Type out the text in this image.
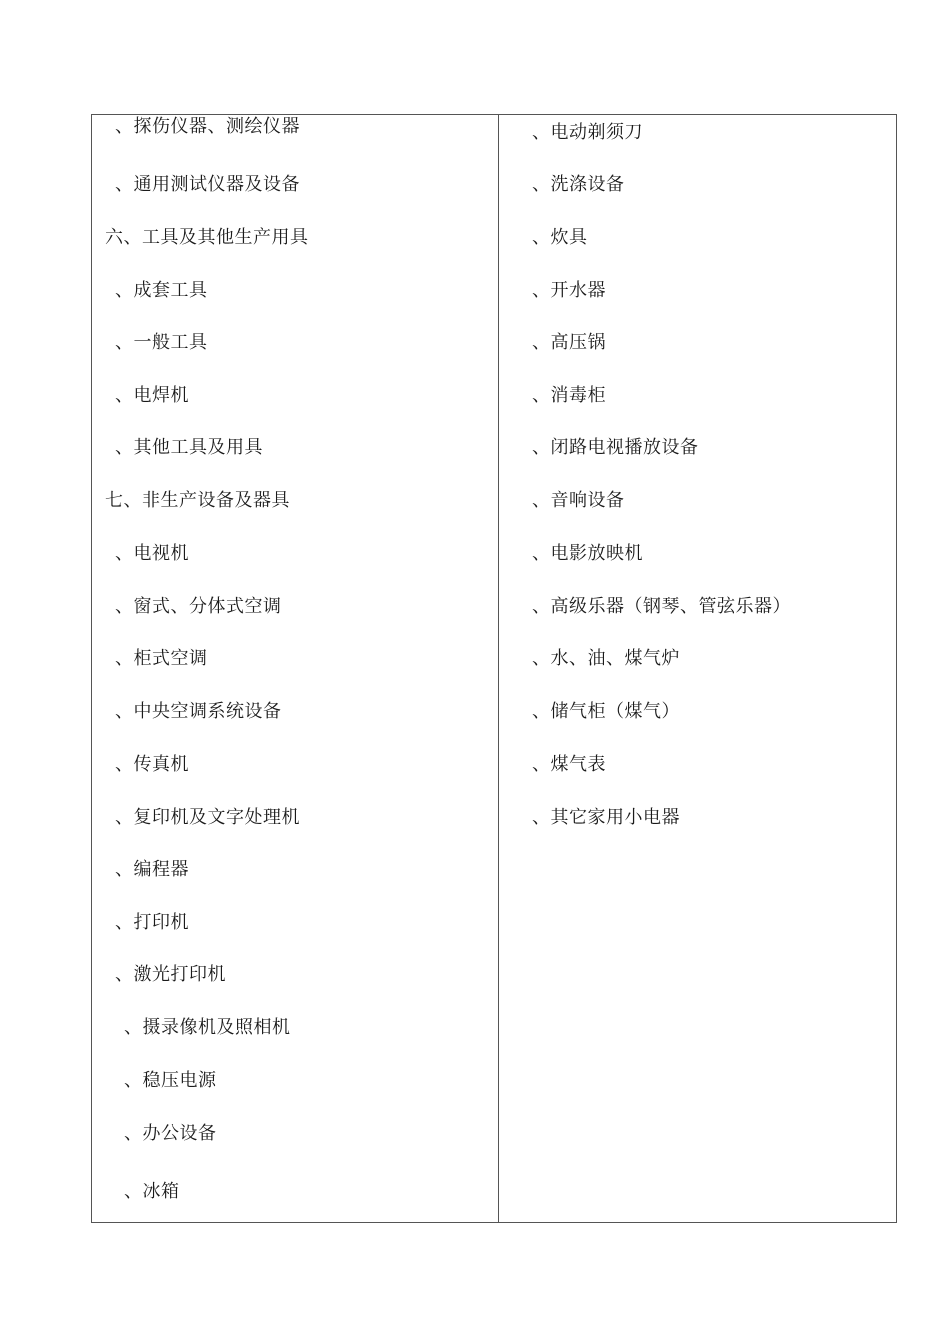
、探伤仪器、测绘仪器
、通用测试仪器及设备
六、工具及其他生产用具
、成套工具
、一般工具
、电焊机
、其他工具及用具
七、非生产设备及器具
、电视机
、窗式、分体式空调
、柜式空调
、中央空调系统设备
、传真机
、复印机及文字处理机
、编程器
、打印机
、激光打印机
、摄录像机及照相机
、稳压电源
、办公设备
、冰箱
、电动剃须刀
、洗涤设备
、炊具
、开水器
、高压锅
、消毒柜
、闭路电视播放设备
、音响设备
、电影放映机
、高级乐器（钢琴、管弦乐器）
、水、油、煤气炉
、储气柜（煤气）
、煤气表
、其它家用小电器
